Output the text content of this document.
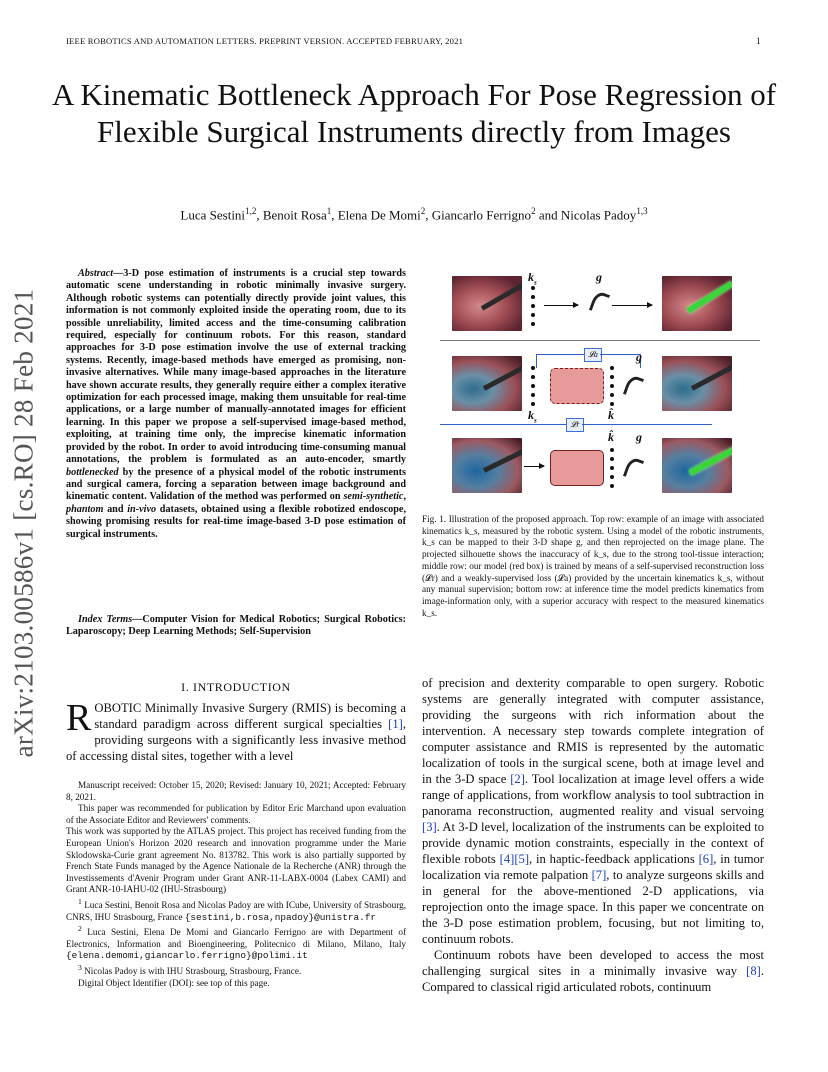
IEEE ROBOTICS AND AUTOMATION LETTERS. PREPRINT VERSION. ACCEPTED FEBRUARY, 2021	1
arXiv:2103.00586v1 [cs.RO] 28 Feb 2021
A Kinematic Bottleneck Approach For Pose Regression of Flexible Surgical Instruments directly from Images
Luca Sestini$^{1,2}$, Benoit Rosa$^1$, Elena De Momi$^2$, Giancarlo Ferrigno$^2$ and Nicolas Padoy$^{1,3}$
Abstract—3-D pose estimation of instruments is a crucial step towards automatic scene understanding in robotic minimally invasive surgery. Although robotic systems can potentially directly provide joint values, this information is not commonly exploited inside the operating room, due to its possible unreliability, limited access and the time-consuming calibration required, especially for continuum robots. For this reason, standard approaches for 3-D pose estimation involve the use of external tracking systems. Recently, image-based methods have emerged as promising, non-invasive alternatives. While many image-based approaches in the literature have shown accurate results, they generally require either a complex iterative optimization for each processed image, making them unsuitable for real-time applications, or a large number of manually-annotated images for efficient learning. In this paper we propose a self-supervised image-based method, exploiting, at training time only, the imprecise kinematic information provided by the robot. In order to avoid introducing time-consuming manual annotations, the problem is formulated as an auto-encoder, smartly bottlenecked by the presence of a physical model of the robotic instruments and surgical camera, forcing a separation between image background and kinematic content. Validation of the method was performed on semi-synthetic, phantom and in-vivo datasets, obtained using a flexible robotized endoscope, showing promising results for real-time image-based 3-D pose estimation of surgical instruments.
Index Terms—Computer Vision for Medical Robotics; Surgical Robotics: Laparoscopy; Deep Learning Methods; Self-Supervision
I. INTRODUCTION
ROBOTIC Minimally Invasive Surgery (RMIS) is becoming a standard paradigm across different surgical specialties [1], providing surgeons with a significantly less invasive method of accessing distal sites, together with a level

Manuscript received: October 15, 2020; Revised: January 10, 2021; Accepted: February 8, 2021.

This paper was recommended for publication by Editor Eric Marchand upon evaluation of the Associate Editor and Reviewers' comments.

This work was supported by the ATLAS project. This project has received funding from the European Union's Horizon 2020 research and innovation programme under the Marie Sklodowska-Curie grant agreement No. 813782. This work is also partially supported by French State Funds managed by the Agence Nationale de la Recherche (ANR) through the Investissements d'Avenir Program under Grant ANR-11-LABX-0004 (Labex CAMI) and Grant ANR-10-IAHU-02 (IHU-Strasbourg)

$^1$ Luca Sestini, Benoit Rosa and Nicolas Padoy are with ICube, University of Strasbourg, CNRS, IHU Strasbourg, France {sestini,b.rosa,npadoy}@unistra.fr

$^2$ Luca Sestini, Elena De Momi and Giancarlo Ferrigno are with Department of Electronics, Information and Bioengineering, Politecnico di Milano, Milano, Italy {elena.demomi,giancarlo.ferrigno}@polimi.it

$^3$ Nicolas Padoy is with IHU Strasbourg, Strasbourg, France.

Digital Object Identifier (DOI): see top of this page.

$k_s$	g
𝓛a	g
$k_s$	k̂
𝓛r
k̂ g
Fig. 1. Illustration of the proposed approach. Top row: example of an image with associated kinematics k_s, measured by the robotic system. Using a model of the robotic instruments, k_s can be mapped to their 3-D shape g, and then reprojected on the image plane. The projected silhouette shows the inaccuracy of k_s, due to the strong tool-tissue interaction; middle row: our model (red box) is trained by means of a self-supervised reconstruction loss (𝓛r) and a weakly-supervised loss (𝓛a) provided by the uncertain kinematics k_s, without any manual supervision; bottom row: at inference time the model predicts kinematics from image-information only, with a superior accuracy with respect to the measured kinematics k_s.

of precision and dexterity comparable to open surgery. Robotic systems are generally integrated with computer assistance, providing the surgeons with rich information about the intervention. A necessary step towards complete integration of computer assistance and RMIS is represented by the automatic localization of tools in the surgical scene, both at image level and in the 3-D space [2]. Tool localization at image level offers a wide range of applications, from workflow analysis to tool subtraction in panorama reconstruction, augmented reality and visual servoing [3]. At 3-D level, localization of the instruments can be exploited to provide dynamic motion constraints, especially in the context of flexible robots [4][5], in haptic-feedback applications [6], in tumor localization via remote palpation [7], to analyze surgeons skills and in general for the above-mentioned 2-D applications, via reprojection onto the image space. In this paper we concentrate on the 3-D pose estimation problem, focusing, but not limiting to, continuum robots.

Continuum robots have been developed to access the most challenging surgical sites in a minimally invasive way [8]. Compared to classical rigid articulated robots, continuum
